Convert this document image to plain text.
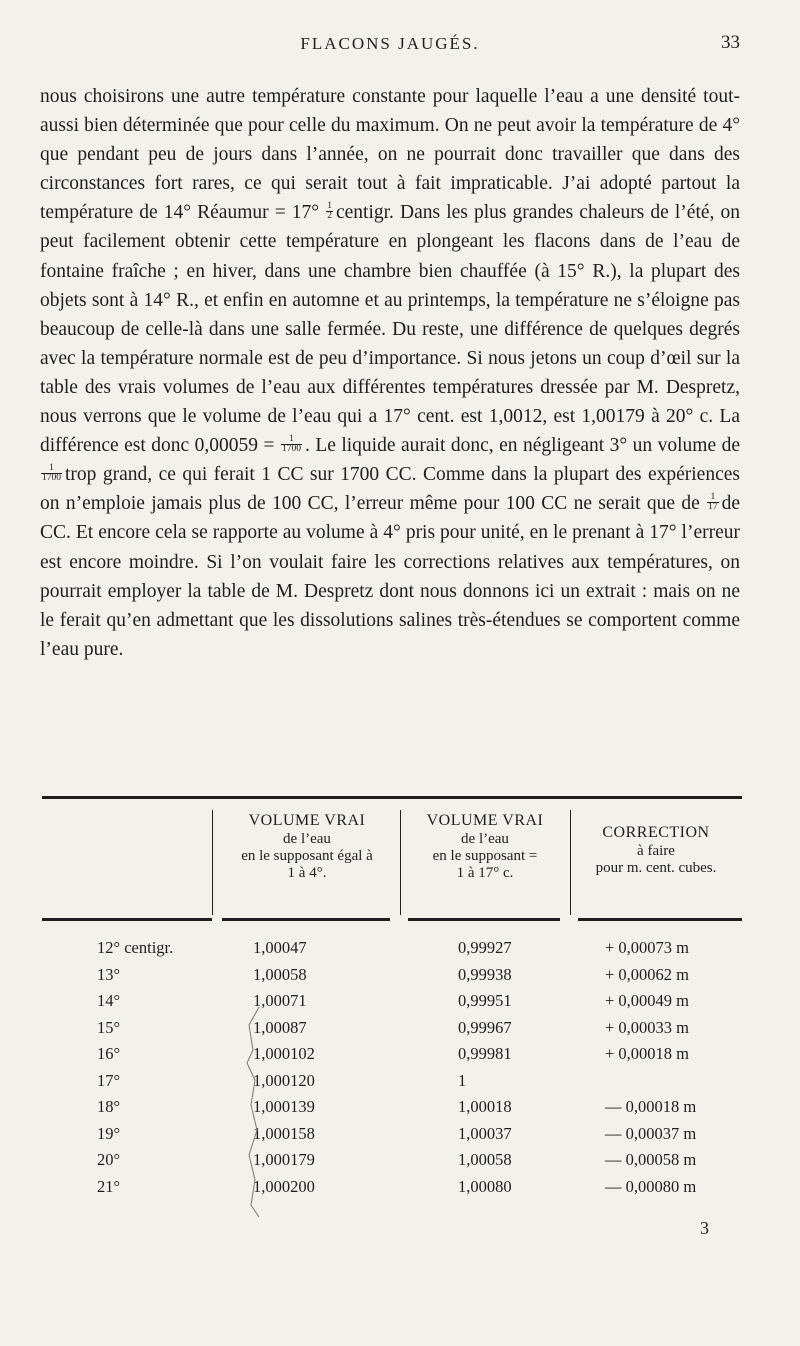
FLACONS JAUGÉS.	33

nous choisirons une autre température constante pour laquelle l’eau a une densité tout-aussi bien déterminée que pour celle du maximum. On ne peut avoir la température de 4° que pendant peu de jours dans l’année, on ne pourrait donc travailler que dans des circonstances fort rares, ce qui serait tout à fait impraticable. J’ai adopté partout la température de 14° Réaumur = $17^\circ \frac{1}{2}$ centigr. Dans les plus grandes chaleurs de l’été, on peut facilement obtenir cette température en plongeant les flacons dans de l’eau de fontaine fraîche ; en hiver, dans une chambre bien chauffée (à 15° R.), la plupart des objets sont à 14° R., et enfin en automne et au printemps, la température ne s’éloigne pas beaucoup de celle-là dans une salle fermée. Du reste, une différence de quelques degrés avec la température normale est de peu d’importance. Si nous jetons un coup d’œil sur la table des vrais volumes de l’eau aux différentes températures dressée par M. Despretz, nous verrons que le volume de l’eau qui a 17° cent. est 1,0012, est 1,00179 à 20° c. La différence est donc $0,00059 = \frac{1}{1700}$ . Le liquide aurait donc, en négligeant 3° un volume de
$\frac{1}{1700}$ trop grand, ce qui ferait 1 CC sur 1700 CC. Comme dans la plupart des expériences on n’emploie jamais plus de 100 CC, l’erreur même pour 100 CC ne serait que de $\frac{1}{17}$ de CC. Et encore cela se rapporte au volume à 4° pris pour unité, en le prenant à 17° l’erreur est encore moindre. Si l’on voulait faire les corrections relatives aux températures, on pourrait employer la table de M. Despretz dont nous donnons ici un extrait : mais on ne le ferait qu’en admettant que les dissolutions salines très-étendues se comportent comme l’eau pure.

VOLUME VRAI
de l’eau
en le supposant égal à
1 à 4°.
VOLUME VRAI
de l’eau
en le supposant =
1 à 17° c.
CORRECTION
à faire
pour m. cent. cubes.
12° centigr.	1,00047	0,99927	+ 0,00073 m
13°	1,00058	0,99938	+ 0,00062 m
14°	1,00071	0,99951	+ 0,00049 m
15°	1,00087	0,99967	+ 0,00033 m
16°	1,000102	0,99981	+ 0,00018 m
17°	1,000120	1
18°	1,000139	1,00018	— 0,00018 m
19°	1,000158	1,00037	— 0,00037 m
20°	1,000179	1,00058	— 0,00058 m
21°	1,000200	1,00080	— 0,00080 m
3
